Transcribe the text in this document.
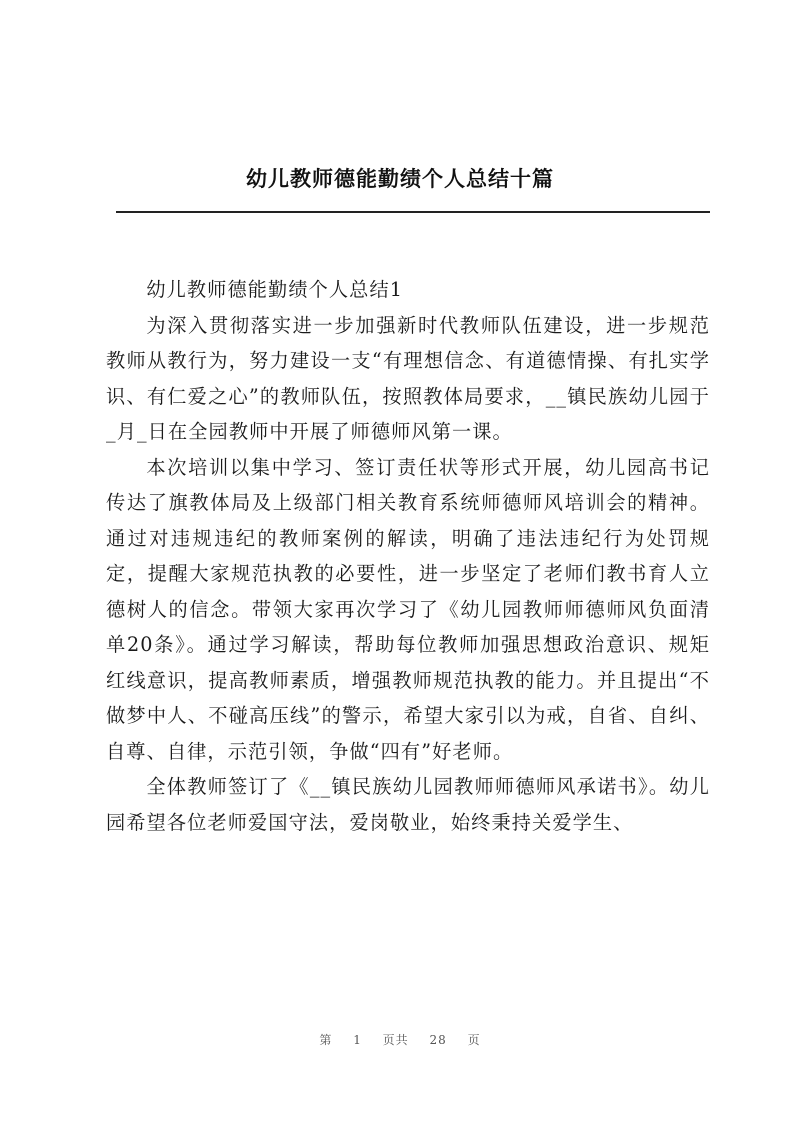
幼儿教师德能勤绩个人总结十篇

幼儿教师德能勤绩个人总结1

为深入贯彻落实进一步加强新时代教师队伍建设，进一步规范教师从教行为，努力建设一支“有理想信念、有道德情操、有扎实学识、有仁爱之心”的教师队伍，按照教体局要求，__镇民族幼儿园于_月_日在全园教师中开展了师德师风第一课。

本次培训以集中学习、签订责任状等形式开展，幼儿园高书记传达了旗教体局及上级部门相关教育系统师德师风培训会的精神。通过对违规违纪的教师案例的解读，明确了违法违纪行为处罚规定，提醒大家规范执教的必要性，进一步坚定了老师们教书育人立德树人的信念。带领大家再次学习了《幼儿园教师师德师风负面清单20条》。通过学习解读，帮助每位教师加强思想政治意识、规矩红线意识，提高教师素质，增强教师规范执教的能力。并且提出“不做梦中人、不碰高压线”的警示，希望大家引以为戒，自省、自纠、自尊、自律，示范引领，争做“四有”好老师。

全体教师签订了《__镇民族幼儿园教师师德师风承诺书》。幼儿园希望各位老师爱国守法，爱岗敬业，始终秉持关爱学生、

第 1 页共 28 页
